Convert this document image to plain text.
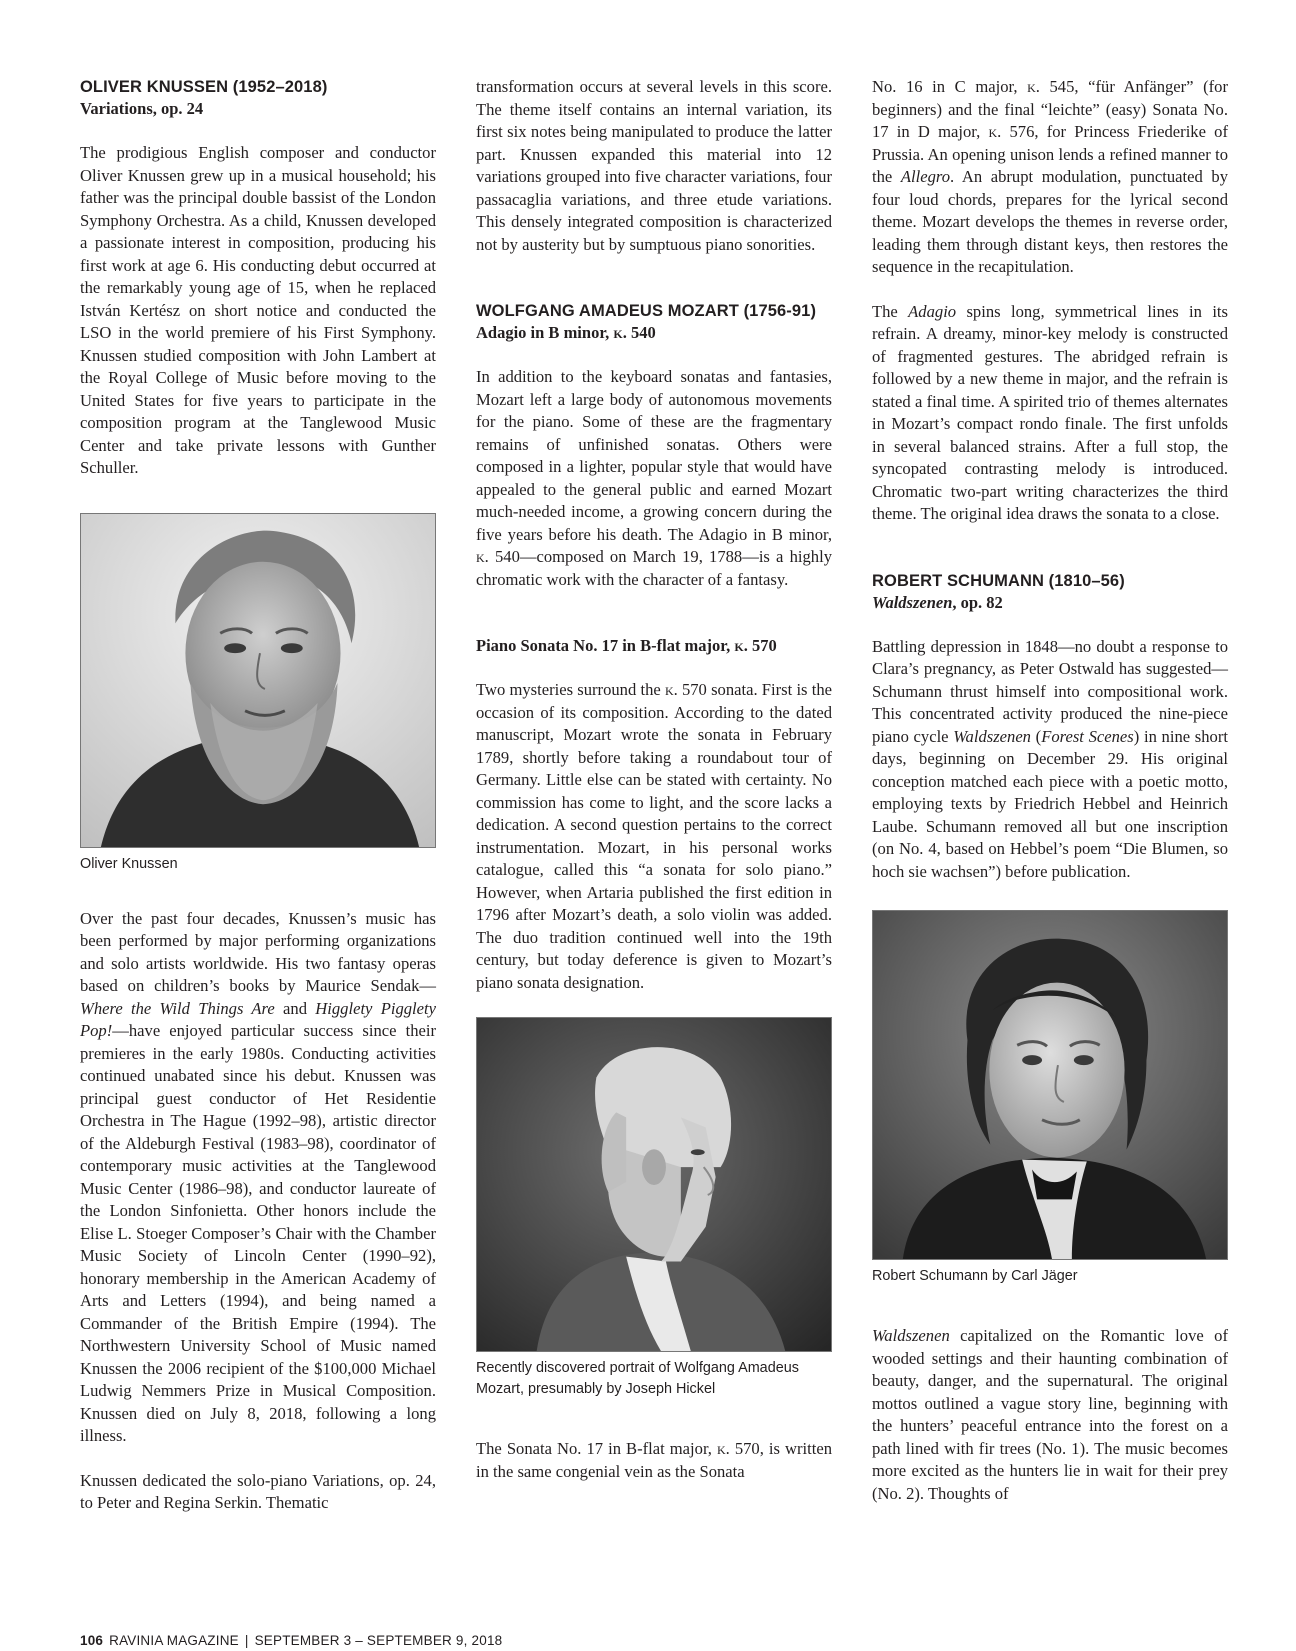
OLIVER KNUSSEN (1952–2018)

Variations, op. 24

The prodigious English composer and conductor Oliver Knussen grew up in a musical household; his father was the principal double bassist of the London Symphony Orchestra. As a child, Knussen developed a passionate interest in composition, producing his first work at age 6. His conducting debut occurred at the remarkably young age of 15, when he replaced István Kertész on short notice and conducted the LSO in the world premiere of his First Symphony. Knussen studied composition with John Lambert at the Royal College of Music before moving to the United States for five years to participate in the composition program at the Tanglewood Music Center and take private lessons with Gunther Schuller.

Oliver Knussen

Over the past four decades, Knussen’s music has been performed by major performing organizations and solo artists worldwide. His two fantasy operas based on children’s books by Maurice Sendak—Where the Wild Things Are and Higglety Pigglety Pop!—have enjoyed particular success since their premieres in the early 1980s. Conducting activities continued unabated since his debut. Knussen was principal guest conductor of Het Residentie Orchestra in The Hague (1992–98), artistic director of the Aldeburgh Festival (1983–98), coordinator of contemporary music activities at the Tanglewood Music Center (1986–98), and conductor laureate of the London Sinfonietta. Other honors include the Elise L. Stoeger Composer’s Chair with the Chamber Music Society of Lincoln Center (1990–92), honorary membership in the American Academy of Arts and Letters (1994), and being named a Commander of the British Empire (1994). The Northwestern University School of Music named Knussen the 2006 recipient of the $100,000 Michael Ludwig Nemmers Prize in Musical Composition. Knussen died on July 8, 2018, following a long illness.

Knussen dedicated the solo-piano Variations, op. 24, to Peter and Regina Serkin. Thematic

transformation occurs at several levels in this score. The theme itself contains an internal variation, its first six notes being manipulated to produce the latter part. Knussen expanded this material into 12 variations grouped into five character variations, four passacaglia variations, and three etude variations. This densely integrated composition is characterized not by austerity but by sumptuous piano sonorities.

WOLFGANG AMADEUS MOZART (1756-91)

Adagio in B minor, k. 540

In addition to the keyboard sonatas and fantasies, Mozart left a large body of autonomous movements for the piano. Some of these are the fragmentary remains of unfinished sonatas. Others were composed in a lighter, popular style that would have appealed to the general public and earned Mozart much-needed income, a growing concern during the five years before his death. The Adagio in B minor, k. 540—composed on March 19, 1788—is a highly chromatic work with the character of a fantasy.

Piano Sonata No. 17 in B-flat major, k. 570

Two mysteries surround the k. 570 sonata. First is the occasion of its composition. According to the dated manuscript, Mozart wrote the sonata in February 1789, shortly before taking a roundabout tour of Germany. Little else can be stated with certainty. No commission has come to light, and the score lacks a dedication. A second question pertains to the correct instrumentation. Mozart, in his personal works catalogue, called this “a sonata for solo piano.” However, when Artaria published the first edition in 1796 after Mozart’s death, a solo violin was added. The duo tradition continued well into the 19th century, but today deference is given to Mozart’s piano sonata designation.

Recently discovered portrait of Wolfgang Amadeus Mozart, presumably by Joseph Hickel

The Sonata No. 17 in B-flat major, k. 570, is written in the same congenial vein as the Sonata

No. 16 in C major, k. 545, “für Anfänger” (for beginners) and the final “leichte” (easy) Sonata No. 17 in D major, k. 576, for Princess Friederike of Prussia. An opening unison lends a refined manner to the Allegro. An abrupt modulation, punctuated by four loud chords, prepares for the lyrical second theme. Mozart develops the themes in reverse order, leading them through distant keys, then restores the sequence in the recapitulation.

The Adagio spins long, symmetrical lines in its refrain. A dreamy, minor-key melody is constructed of fragmented gestures. The abridged refrain is followed by a new theme in major, and the refrain is stated a final time. A spirited trio of themes alternates in Mozart’s compact rondo finale. The first unfolds in several balanced strains. After a full stop, the syncopated contrasting melody is introduced. Chromatic two-part writing characterizes the third theme. The original idea draws the sonata to a close.

ROBERT SCHUMANN (1810–56)

Waldszenen, op. 82

Battling depression in 1848—no doubt a response to Clara’s pregnancy, as Peter Ostwald has suggested—Schumann thrust himself into compositional work. This concentrated activity produced the nine-piece piano cycle Waldszenen (Forest Scenes) in nine short days, beginning on December 29. His original conception matched each piece with a poetic motto, employing texts by Friedrich Hebbel and Heinrich Laube. Schumann removed all but one inscription (on No. 4, based on Hebbel’s poem “Die Blumen, so hoch sie wachsen”) before publication.

Robert Schumann by Carl Jäger

Waldszenen capitalized on the Romantic love of wooded settings and their haunting combination of beauty, danger, and the supernatural. The original mottos outlined a vague story line, beginning with the hunters’ peaceful entrance into the forest on a path lined with fir trees (No. 1). The music becomes more excited as the hunters lie in wait for their prey (No. 2). Thoughts of

106 RAVINIA MAGAZINE | SEPTEMBER 3 – SEPTEMBER 9, 2018
